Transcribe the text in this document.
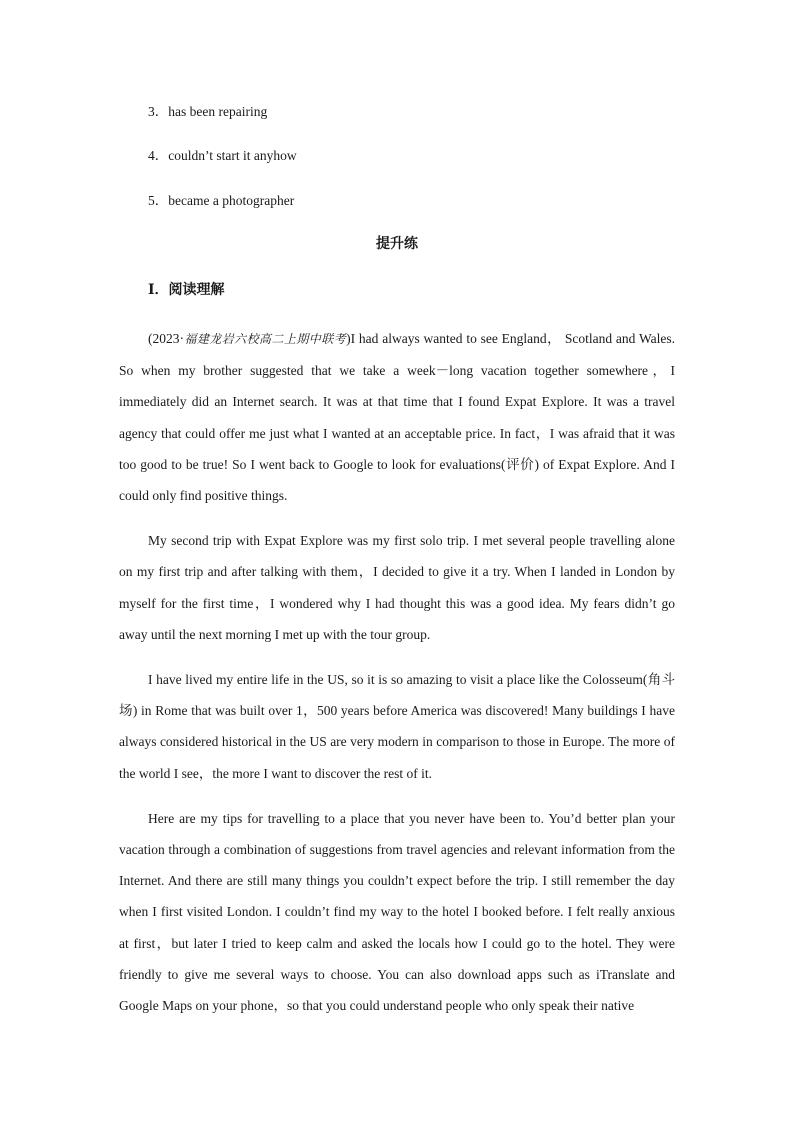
3．has been repairing
4．couldn’t start it anyhow
5．became a photographer
提升练
Ⅰ．阅读理解

(2023·福建龙岩六校高二上期中联考)I had always wanted to see England， Scotland and Wales. So when my brother suggested that we take a week－long vacation together somewhere，I immediately did an Internet search. It was at that time that I found Expat Explore. It was a travel agency that could offer me just what I wanted at an acceptable price. In fact，I was afraid that it was too good to be true! So I went back to Google to look for evaluations(评价) of Expat Explore. And I could only find positive things.

My second trip with Expat Explore was my first solo trip. I met several people travelling alone on my first trip and after talking with them，I decided to give it a try. When I landed in London by myself for the first time，I wondered why I had thought this was a good idea. My fears didn’t go away until the next morning I met up with the tour group.

I have lived my entire life in the US, so it is so amazing to visit a place like the Colosseum(角斗场) in Rome that was built over 1，500 years before America was discovered! Many buildings I have always considered historical in the US are very modern in comparison to those in Europe. The more of the world I see，the more I want to discover the rest of it.

Here are my tips for travelling to a place that you never have been to. You’d better plan your vacation through a combination of suggestions from travel agencies and relevant information from the Internet. And there are still many things you couldn’t expect before the trip. I still remember the day when I first visited London. I couldn’t find my way to the hotel I booked before. I felt really anxious at first，but later I tried to keep calm and asked the locals how I could go to the hotel. They were friendly to give me several ways to choose. You can also download apps such as iTranslate and Google Maps on your phone，so that you could understand people who only speak their native
